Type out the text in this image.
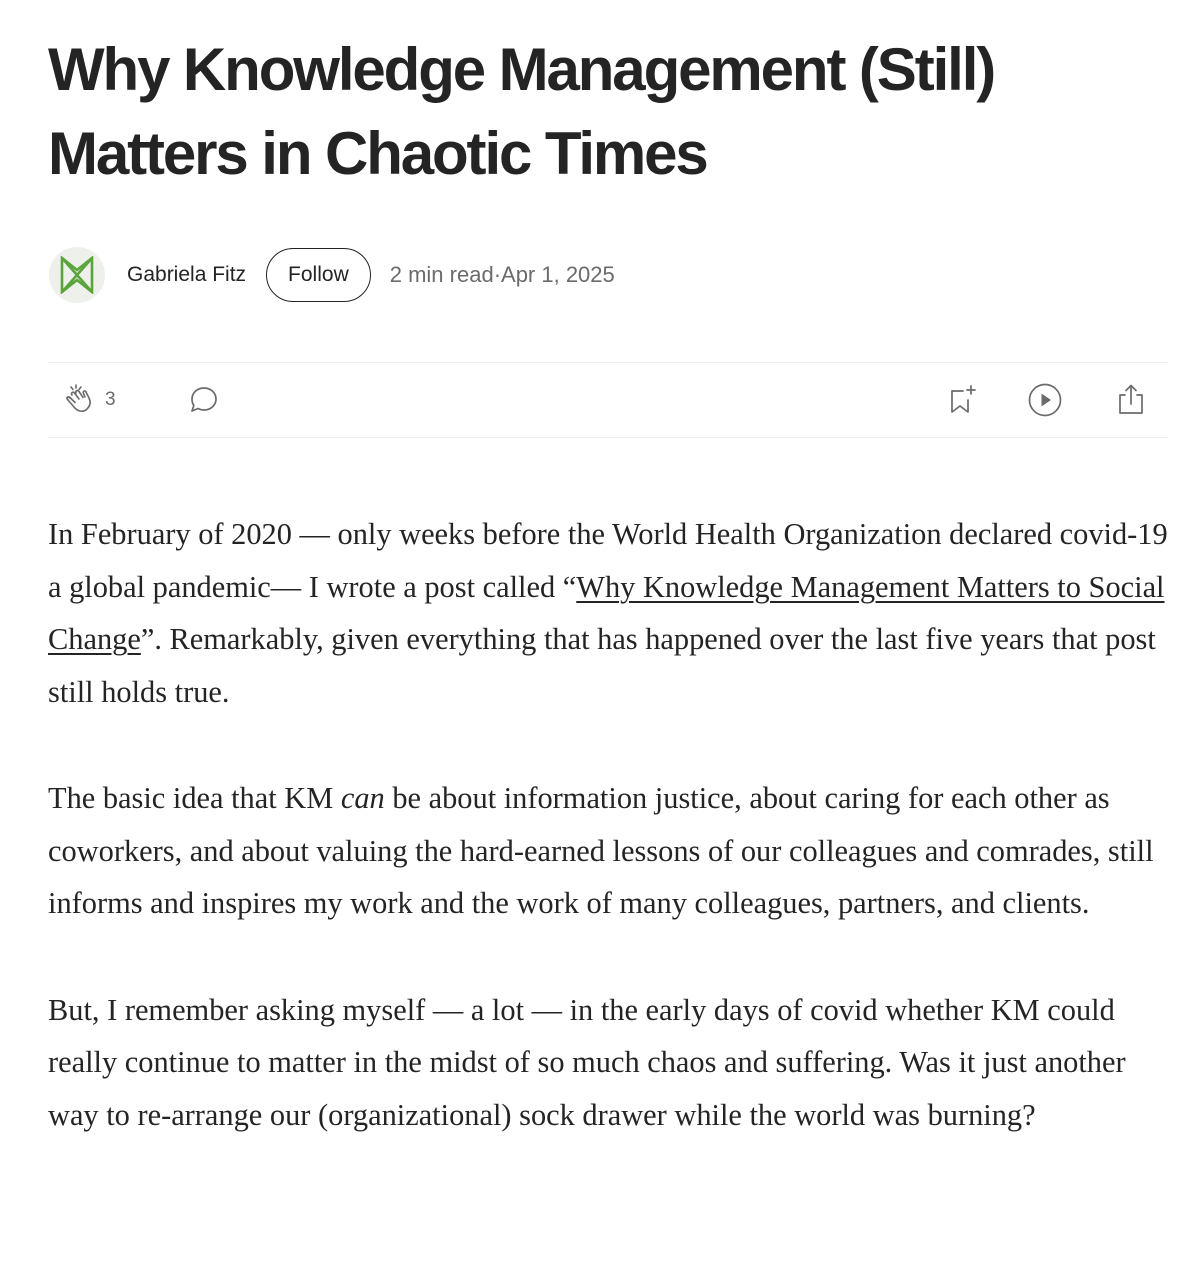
Why Knowledge Management (Still) Matters in Chaotic Times
Gabriela Fitz	Follow	2 min read · Apr 1, 2025
3

In February of 2020 — only weeks before the World Health Organization declared covid-19 a global pandemic— I wrote a post called “Why Knowledge Management Matters to Social Change”. Remarkably, given everything that has happened over the last five years that post still holds true.

The basic idea that KM can be about information justice, about caring for each other as coworkers, and about valuing the hard-earned lessons of our colleagues and comrades, still informs and inspires my work and the work of many colleagues, partners, and clients.

But, I remember asking myself — a lot — in the early days of covid whether KM could really continue to matter in the midst of so much chaos and suffering. Was it just another way to re-arrange our (organizational) sock drawer while the world was burning?
